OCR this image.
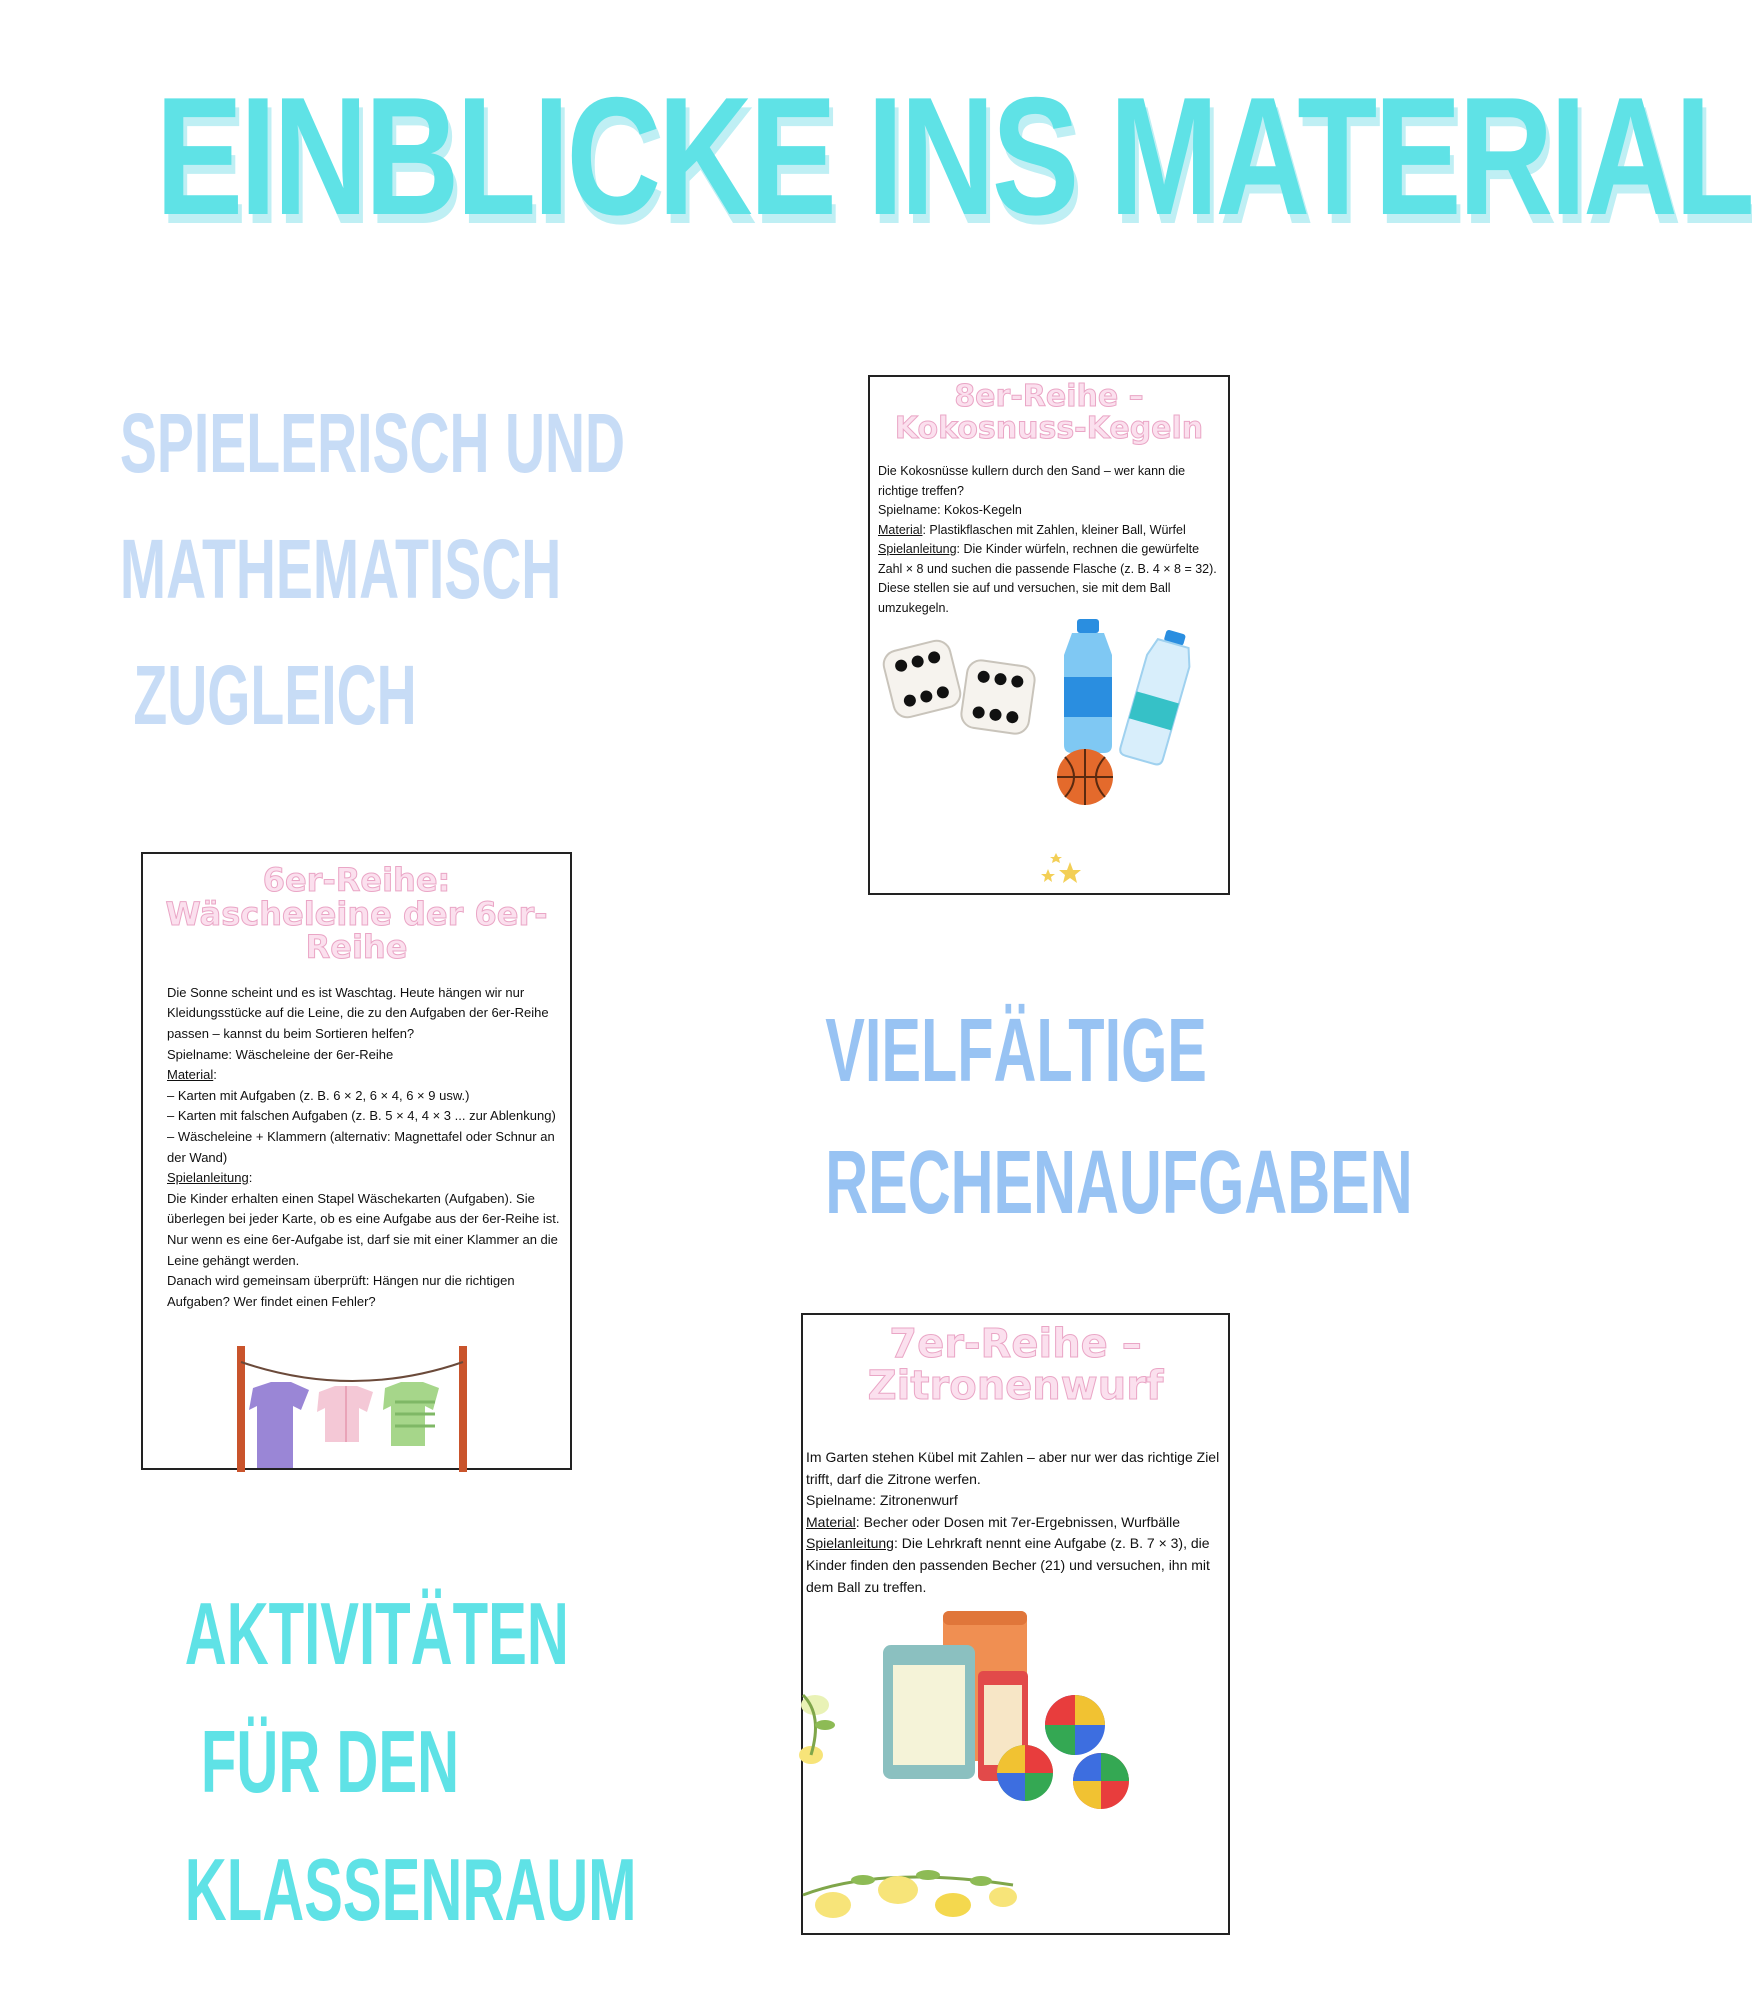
EINBLICKE INS MATERIAL
SPIELERISCH UND
MATHEMATISCH
ZUGLEICH
VIELFÄLTIGE
RECHENAUFGABEN
AKTIVITÄTEN
FÜR DEN
KLASSENRAUM
8er-Reihe –
Kokosnuss-Kegeln

Die Kokosnüsse kullern durch den Sand – wer kann die richtige treffen?

Spielname: Kokos-Kegeln

Material: Plastikflaschen mit Zahlen, kleiner Ball, Würfel

Spielanleitung: Die Kinder würfeln, rechnen die gewürfelte Zahl × 8 und suchen die passende Flasche (z. B. 4 × 8 = 32). Diese stellen sie auf und versuchen, sie mit dem Ball umzukegeln.

6er-Reihe:
Wäscheleine der 6er-
Reihe

Die Sonne scheint und es ist Waschtag. Heute hängen wir nur Kleidungsstücke auf die Leine, die zu den Aufgaben der 6er-Reihe passen – kannst du beim Sortieren helfen?

Spielname: Wäscheleine der 6er-Reihe

Material:

– Karten mit Aufgaben (z. B. 6 × 2, 6 × 4, 6 × 9 usw.)

– Karten mit falschen Aufgaben (z. B. 5 × 4, 4 × 3 ... zur Ablenkung)

– Wäscheleine + Klammern (alternativ: Magnettafel oder Schnur an der Wand)

Spielanleitung:

Die Kinder erhalten einen Stapel Wäschekarten (Aufgaben). Sie überlegen bei jeder Karte, ob es eine Aufgabe aus der 6er-Reihe ist. Nur wenn es eine 6er-Aufgabe ist, darf sie mit einer Klammer an die Leine gehängt werden.

Danach wird gemeinsam überprüft: Hängen nur die richtigen Aufgaben? Wer findet einen Fehler?

7er-Reihe –
Zitronenwurf

Im Garten stehen Kübel mit Zahlen – aber nur wer das richtige Ziel trifft, darf die Zitrone werfen.

Spielname: Zitronenwurf

Material: Becher oder Dosen mit 7er-Ergebnissen, Wurfbälle

Spielanleitung: Die Lehrkraft nennt eine Aufgabe (z. B. 7 × 3), die Kinder finden den passenden Becher (21) und versuchen, ihn mit dem Ball zu treffen.
